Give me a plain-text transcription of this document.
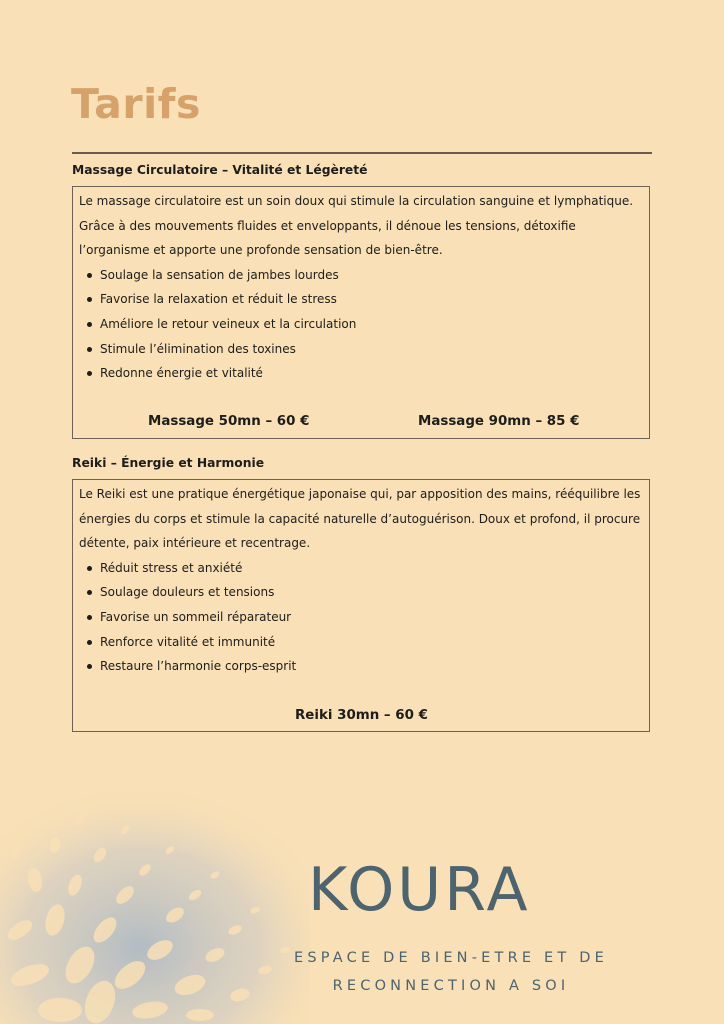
Tarifs
Massage Circulatoire – Vitalité et Légèreté

Le massage circulatoire est un soin doux qui stimule la circulation sanguine et lymphatique. Grâce à des mouvements fluides et enveloppants, il dénoue les tensions, détoxifie l’organisme et apporte une profonde sensation de bien-être.

Soulage la sensation de jambes lourdes
Favorise la relaxation et réduit le stress
Améliore le retour veineux et la circulation
Stimule l’élimination des toxines
Redonne énergie et vitalité
Massage 50mn – 60 €	Massage 90mn – 85 €
Reiki – Énergie et Harmonie

Le Reiki est une pratique énergétique japonaise qui, par apposition des mains, rééquilibre les énergies du corps et stimule la capacité naturelle d’autoguérison. Doux et profond, il procure détente, paix intérieure et recentrage.

Réduit stress et anxiété
Soulage douleurs et tensions
Favorise un sommeil réparateur
Renforce vitalité et immunité
Restaure l’harmonie corps-esprit
Reiki 30mn – 60 €
KOURA
ESPACE DE BIEN-ETRE ET DE
RECONNECTION A SOI
